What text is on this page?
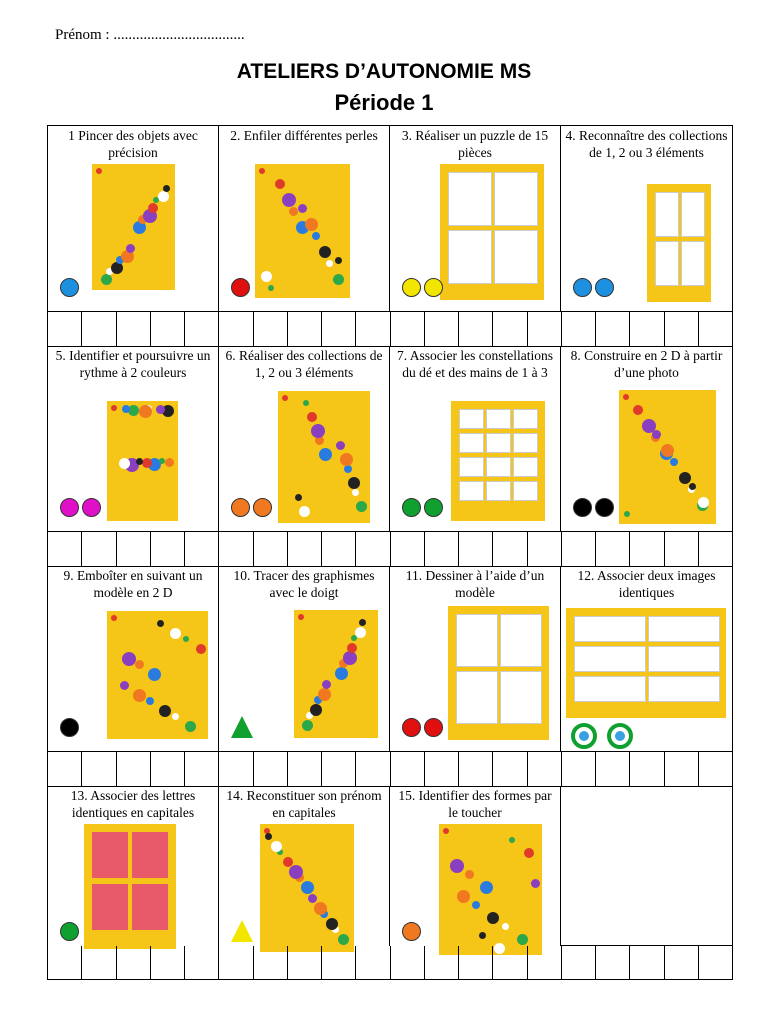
Prénom : ...................................
ATELIERS D’AUTONOMIE MS
Période 1
1 Pincer des objets avec précision
2. Enfiler différentes perles	3. Réaliser un puzzle de 15 pièces
4. Reconnaître des collections de 1, 2 ou 3 éléments
5. Identifier et poursuivre un rythme à 2 couleurs
6. Réaliser des collections de 1, 2 ou 3 éléments
7. Associer les constellations du dé et des mains de 1 à 3
8. Construire en 2 D à partir d’une photo
9. Emboîter en suivant un modèle en 2 D
10. Tracer des graphismes avec le doigt
11. Dessiner à l’aide d’un modèle
12. Associer deux images identiques
13. Associer des lettres identiques en capitales
14. Reconstituer son prénom en capitales
15. Identifier des formes par le toucher
